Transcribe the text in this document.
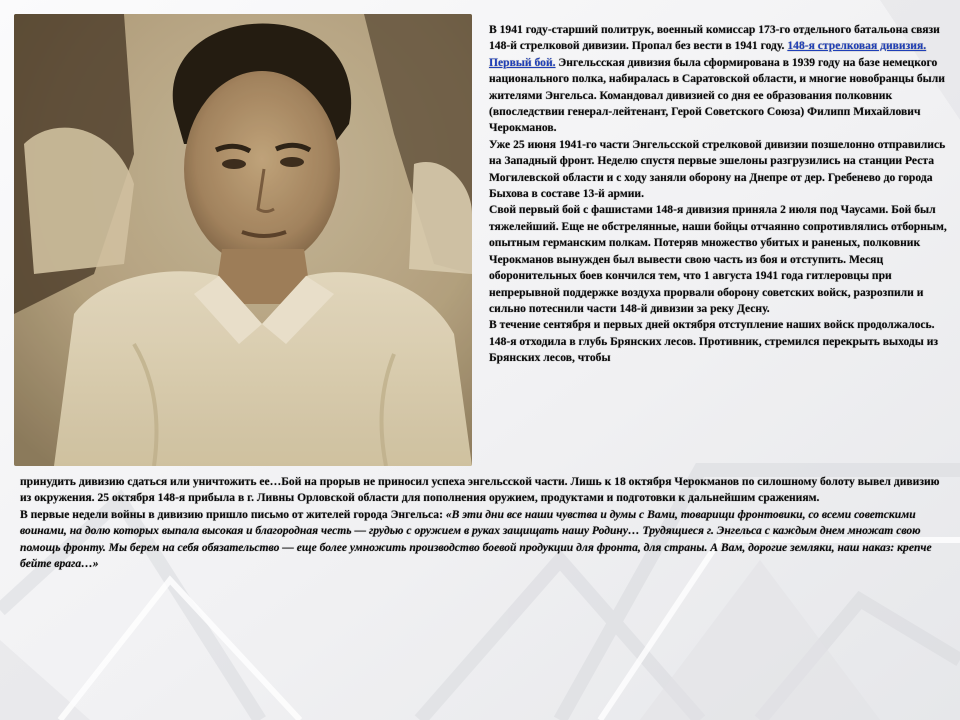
В 1941 году-старший политрук, военный комиссар 173-го отдельного батальона связи 148-й стрелковой дивизии. Пропал без вести в 1941 году. 148-я стрелковая дивизия. Первый бой. Энгельсская дивизия была сформирована в 1939 году на базе немецкого национального полка, набиралась в Саратовской области, и многие новобранцы были жителями Энгельса. Командовал дивизией со дня ее образования полковник (впоследствии генерал-лейтенант, Герой Советского Союза) Филипп Михайлович Черокманов.

Уже 25 июня 1941-го части Энгельсской стрелковой дивизии позшелонно отправились на Западный фронт. Неделю спустя первые эшелоны разгрузились на станции Реста Могилевской области и с ходу заняли оборону на Днепре от дер. Гребенево до города Быхова в составе 13-й армии.

Свой первый бой с фашистами 148-я дивизия приняла 2 июля под Чаусами. Бой был тяжелейший. Еще не обстрелянные, наши бойцы отчаянно сопротивлялись отборным, опытным германским полкам. Потеряв множество убитых и раненых, полковник Черокманов вынужден был вывести свою часть из боя и отступить. Месяц оборонительных боев кончился тем, что 1 августа 1941 года гитлеровцы при непрерывной поддержке воздуха прорвали оборону советских войск, разрозпили и сильно потеснили части 148-й дивизии за реку Десну.

В течение сентября и первых дней октября отступление наших войск продолжалось. 148-я отходила в глубь Брянских лесов. Противник, стремился перекрыть выходы из Брянских лесов, чтобы

принудить дивизию сдаться или уничтожить ее…Бой на прорыв не приносил успеха энгельсской части. Лишь к 18 октября Черокманов по силошному болоту вывел дивизию из окружения. 25 октября 148-я прибыла в г. Ливны Орловской области для пополнения оружием, продуктами и подготовки к дальнейшим сражениям.

В первые недели войны в дивизию пришло письмо от жителей города Энгельса: «В эти дни все наши чувства и думы с Вами, товарищи фронтовики, со всеми советскими воинами, на долю которых выпала высокая и благородная честь — грудью с оружием в руках защищать нашу Родину… Трудящиеся г. Энгельса с каждым днем множат свою помощь фронту. Мы берем на себя обязательство — еще более умножить производство боевой продукции для фронта, для страны. А Вам, дорогие земляки, наш наказ: крепче бейте врага…»
